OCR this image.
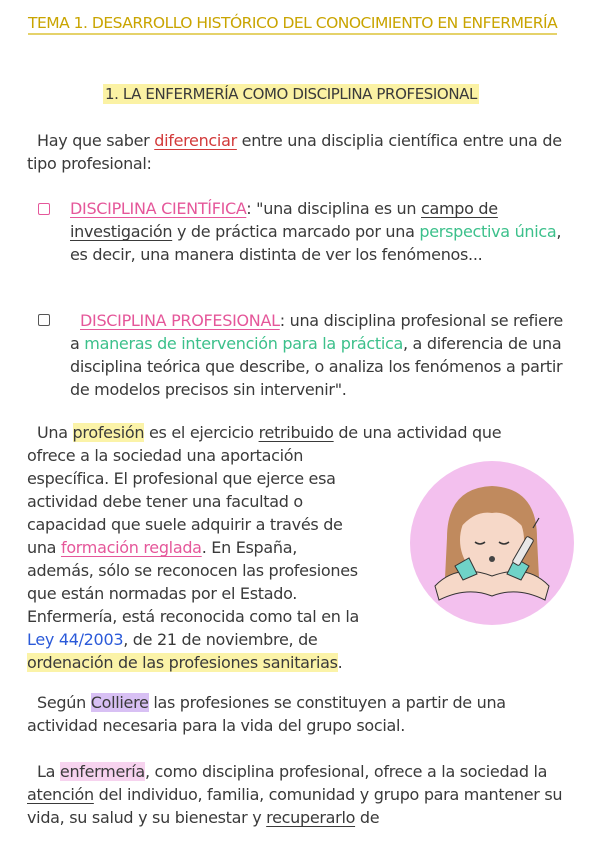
TEMA 1. DESARROLLO HISTÓRICO DEL CONOCIMIENTO EN ENFERMERÍA
1. LA ENFERMERÍA COMO DISCIPLINA PROFESIONAL
Hay que saber diferenciar entre una disciplia científica entre una de tipo profesional:
DISCIPLINA CIENTÍFICA: "una disciplina es un campo de investigación y de práctica marcado por una perspectiva única, es decir, una manera distinta de ver los fenómenos...
DISCIPLINA PROFESIONAL: una disciplina profesional se refiere a maneras de intervención para la práctica, a diferencia de una disciplina teórica que describe, o analiza los fenómenos a partir de modelos precisos sin intervenir".
Una profesión es el ejercicio retribuido de una actividad que
ofrece a la sociedad una aportación
específica. El profesional que ejerce esa
actividad debe tener una facultad o
capacidad que suele adquirir a través de
una formación reglada. En España,
además, sólo se reconocen las profesiones
que están normadas por el Estado.
Enfermería, está reconocida como tal en la
Ley 44/2003, de 21 de noviembre, de
ordenación de las profesiones sanitarias.
Según Colliere las profesiones se constituyen a partir de una actividad necesaria para la vida del grupo social.
La enfermería, como disciplina profesional, ofrece a la sociedad la atención del individuo, familia, comunidad y grupo para mantener su vida, su salud y su bienestar y recuperarlo de
